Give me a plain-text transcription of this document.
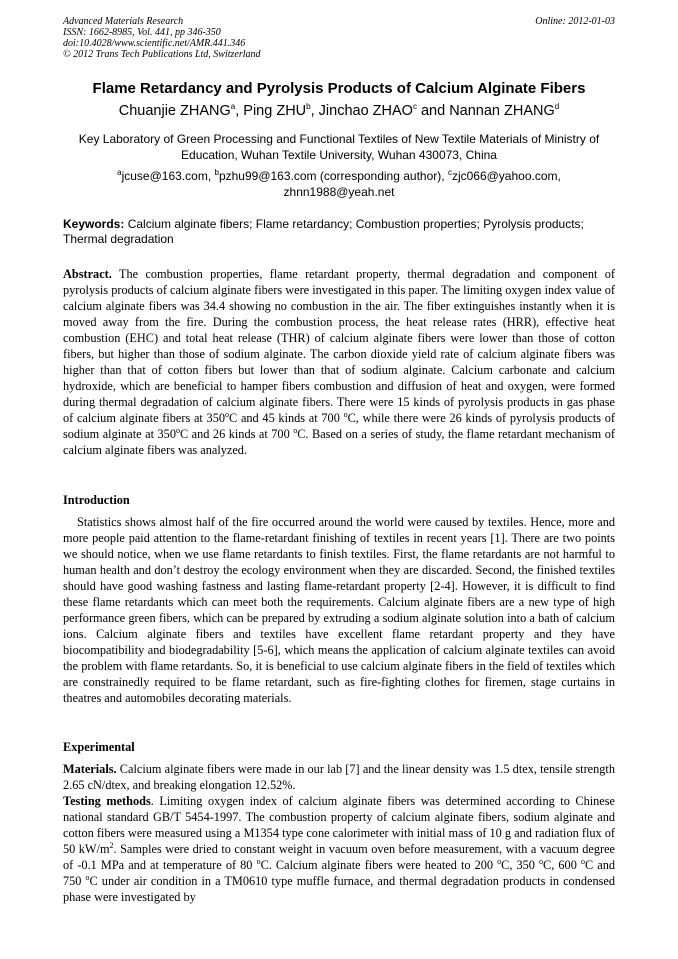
Advanced Materials Research
ISSN: 1662-8985, Vol. 441, pp 346-350
doi:10.4028/www.scientific.net/AMR.441.346
© 2012 Trans Tech Publications Ltd, Switzerland
Online: 2012-01-03
Flame Retardancy and Pyrolysis Products of Calcium Alginate Fibers
Chuanjie ZHANG$^a$, Ping ZHU$^b$, Jinchao ZHAO$^c$ and Nannan ZHANG$^d$
Key Laboratory of Green Processing and Functional Textiles of New Textile Materials of Ministry of Education, Wuhan Textile University, Wuhan 430073, China
$^a$jcuse@163.com, $^b$pzhu99@163.com (corresponding author), $^c$zjc066@yahoo.com,
zhnn1988@yeah.net
Keywords: Calcium alginate fibers; Flame retardancy; Combustion properties; Pyrolysis products; Thermal degradation
Abstract. The combustion properties, flame retardant property, thermal degradation and component of pyrolysis products of calcium alginate fibers were investigated in this paper. The limiting oxygen index value of calcium alginate fibers was 34.4 showing no combustion in the air. The fiber extinguishes instantly when it is moved away from the fire. During the combustion process, the heat release rates (HRR), effective heat combustion (EHC) and total heat release (THR) of calcium alginate fibers were lower than those of cotton fibers, but higher than those of sodium alginate. The carbon dioxide yield rate of calcium alginate fibers was higher than that of cotton fibers but lower than that of sodium alginate. Calcium carbonate and calcium hydroxide, which are beneficial to hamper fibers combustion and diffusion of heat and oxygen, were formed during thermal degradation of calcium alginate fibers. There were 15 kinds of pyrolysis products in gas phase of calcium alginate fibers at 350$^o$C and 45 kinds at 700 $^o$C, while there were 26 kinds of pyrolysis products of sodium alginate at 350$^o$C and 26 kinds at 700 $^o$C. Based on a series of study, the flame retardant mechanism of calcium alginate fibers was analyzed.
Introduction
Statistics shows almost half of the fire occurred around the world were caused by textiles. Hence, more and more people paid attention to the flame-retardant finishing of textiles in recent years [1]. There are two points we should notice, when we use flame retardants to finish textiles. First, the flame retardants are not harmful to human health and don’t destroy the ecology environment when they are discarded. Second, the finished textiles should have good washing fastness and lasting flame-retardant property [2-4]. However, it is difficult to find these flame retardants which can meet both the requirements. Calcium alginate fibers are a new type of high performance green fibers, which can be prepared by extruding a sodium alginate solution into a bath of calcium ions. Calcium alginate fibers and textiles have excellent flame retardant property and they have biocompatibility and biodegradability [5-6], which means the application of calcium alginate textiles can avoid the problem with flame retardants. So, it is beneficial to use calcium alginate fibers in the field of textiles which are constrainedly required to be flame retardant, such as fire-fighting clothes for firemen, stage curtains in theatres and automobiles decorating materials.
Experimental
Materials. Calcium alginate fibers were made in our lab [7] and the linear density was 1.5 dtex, tensile strength 2.65 cN/dtex, and breaking elongation 12.52%.
Testing methods. Limiting oxygen index of calcium alginate fibers was determined according to Chinese national standard GB/T 5454-1997. The combustion property of calcium alginate fibers, sodium alginate and cotton fibers were measured using a M1354 type cone calorimeter with initial mass of 10 g and radiation flux of 50 $kW/m^2$. Samples were dried to constant weight in vacuum oven before measurement, with a vacuum degree of -0.1 MPa and at temperature of 80 $^o$C. Calcium alginate fibers were heated to 200 $^o$C, 350 $^o$C, 600 $^o$C and 750 $^o$C under air condition in a TM0610 type muffle furnace, and thermal degradation products in condensed phase were investigated by
